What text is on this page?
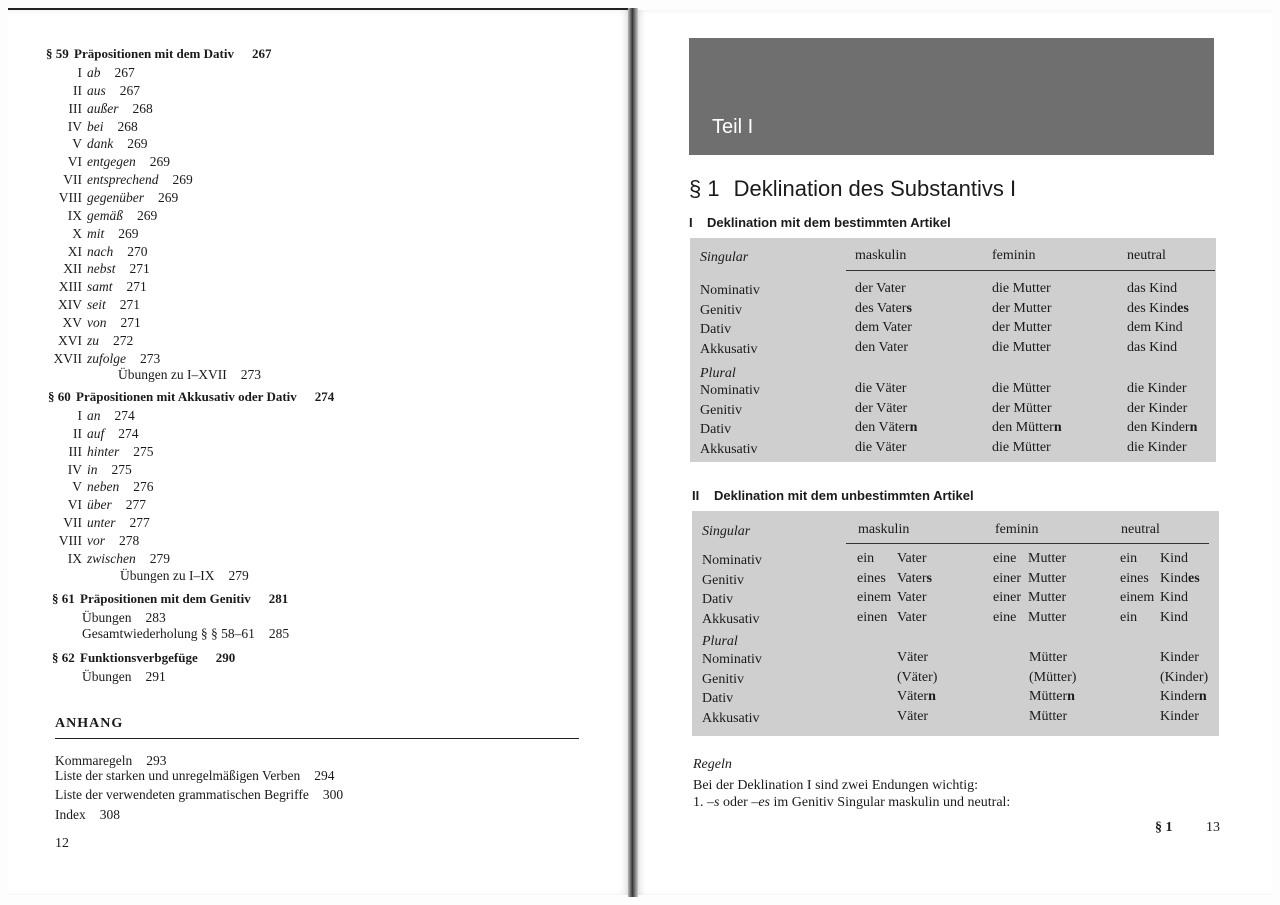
§ 59 Präpositionen mit dem Dativ 267
I ab 267
II aus 267
III außer 268
IV bei 268
V dank 269
VI entgegen 269
VII entsprechend 269
VIII gegenüber 269
IX gemäß 269
X mit 269
XI nach 270
XII nebst 271
XIII samt 271
XIV seit 271
XV von 271
XVI zu 272
XVII zufolge 273
Übungen zu I–XVII 273
§ 60 Präpositionen mit Akkusativ oder Dativ 274
I an 274
II auf 274
III hinter 275
IV in 275
V neben 276
VI über 277
VII unter 277
VIII vor 278
IX zwischen 279
Übungen zu I–IX 279
§ 61 Präpositionen mit dem Genitiv 281
Übungen 283
Gesamtwiederholung § § 58–61 285
§ 62 Funktionsverbgefüge 290
Übungen 291
ANHANG
Kommaregeln 293
Liste der starken und unregelmäßigen Verben 294
Liste der verwendeten grammatischen Begriffe 300
Index 308
12
Teil I
§ 1 Deklination des Substantivs I
I Deklination mit dem bestimmten Artikel
Singular	maskulin	feminin	neutral
Nominativ	der Vater	die Mutter	das Kind
Genitiv	des Vaters	der Mutter	des Kindes
Dativ	dem Vater	der Mutter	dem Kind
Akkusativ	den Vater	die Mutter	das Kind
Plural
Nominativ	die Väter	die Mütter	die Kinder
Genitiv	der Väter	der Mütter	der Kinder
Dativ	den Vätern	den Müttern	den Kindern
Akkusativ	die Väter	die Mütter	die Kinder
II Deklination mit dem unbestimmten Artikel
Singular	maskulin	feminin	neutral
Nominativ	ein Vater	eine Mutter	ein Kind
Genitiv	eines Vaters	einer Mutter	eines Kindes
Dativ	einem Vater	einer Mutter	einem Kind
Akkusativ	einen Vater	eine Mutter	ein Kind
Plural
Nominativ	Väter	Mütter	Kinder
Genitiv	(Väter)	(Mütter)	(Kinder)
Dativ	Vätern	Müttern	Kindern
Akkusativ	Väter	Mütter	Kinder
Regeln
Bei der Deklination I sind zwei Endungen wichtig:
1. –s oder –es im Genitiv Singular maskulin und neutral:
§ 1 13
